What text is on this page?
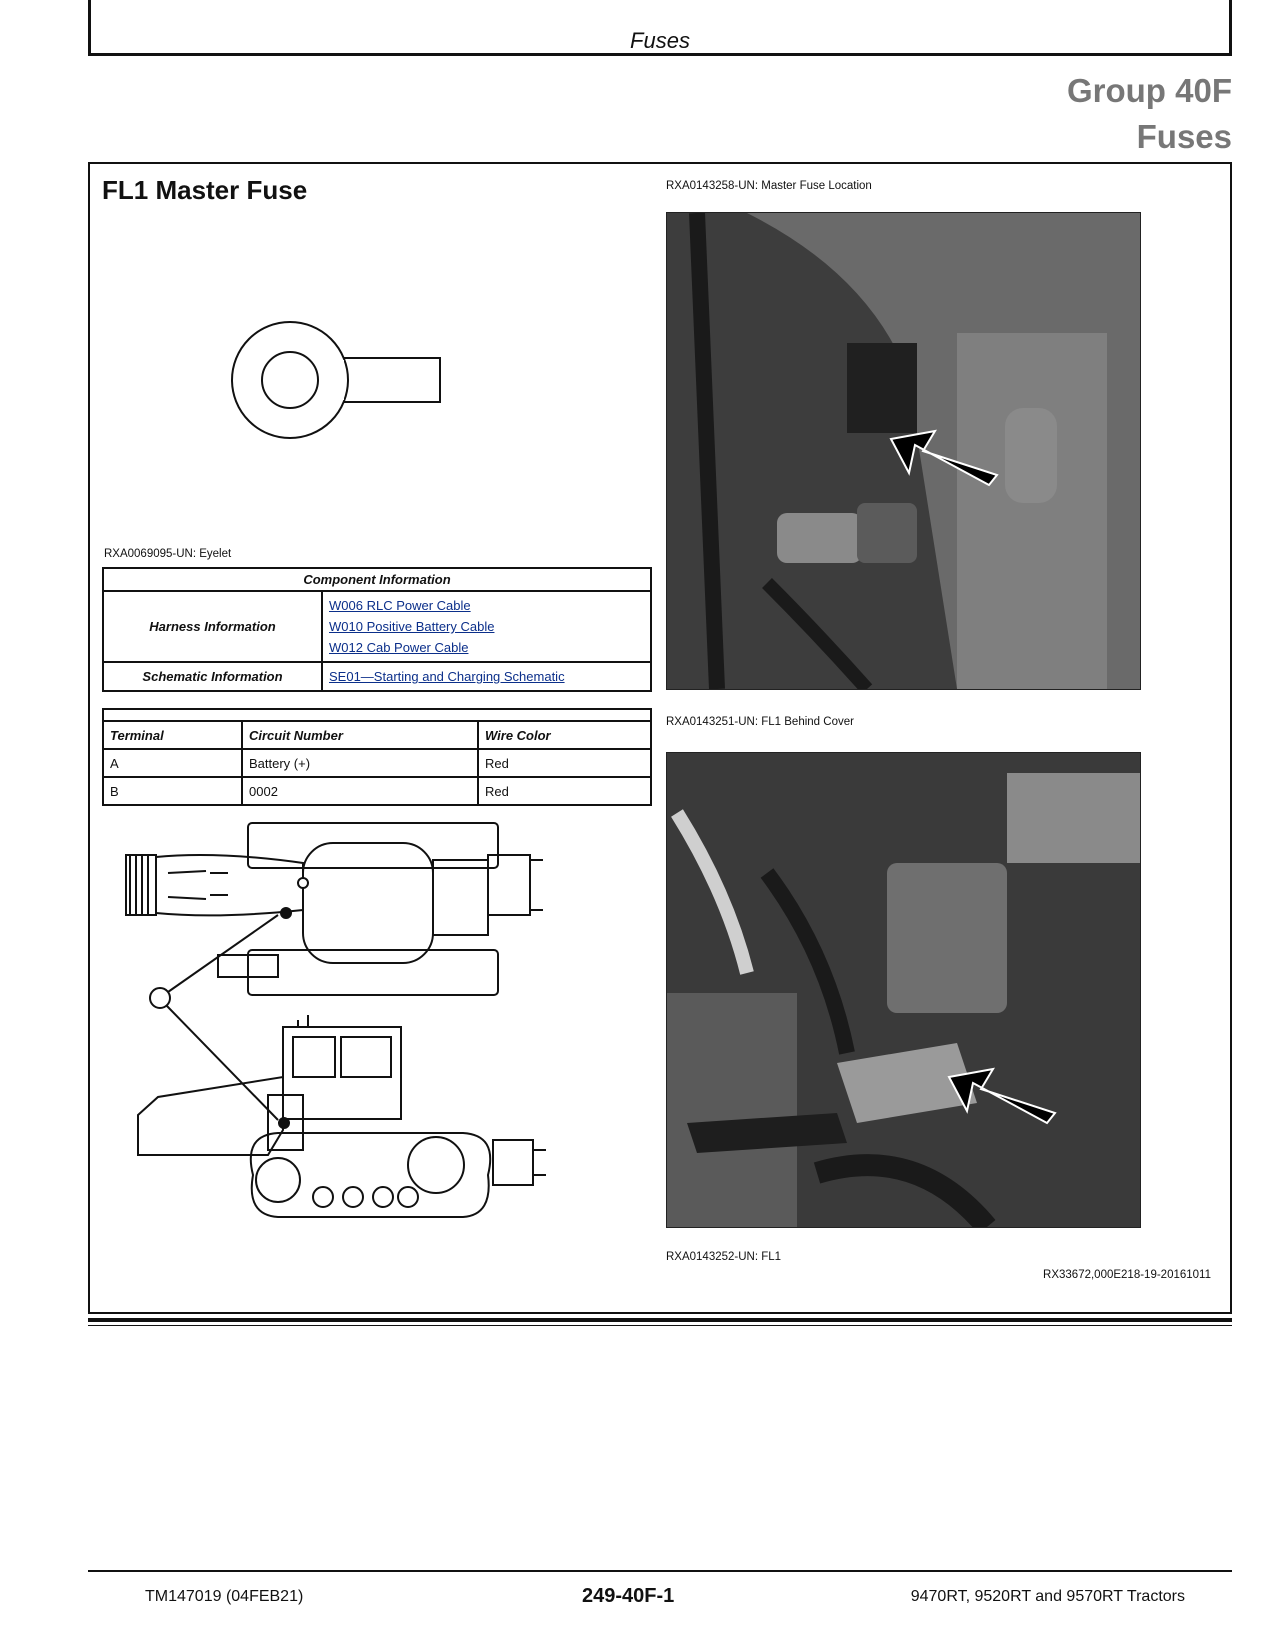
Fuses
Group 40F
Fuses
FL1 Master Fuse
RXA0069095-UN: Eyelet
Component Information	
Harness Information	W006 RLC Power Cable
W010 Positive Battery Cable
W012 Cab Power Cable

Schematic Information	SE01—Starting and Charging Schematic

Terminal	Circuit Number	Wire Color
A	Battery (+)	Red
B	0002	Red
RXA0143258-UN: Master Fuse Location
RXA0143251-UN: FL1 Behind Cover
RXA0143252-UN: FL1
RX33672,000E218-19-20161011
TM147019 (04FEB21)	249-40F-1	9470RT, 9520RT and 9570RT Tractors
